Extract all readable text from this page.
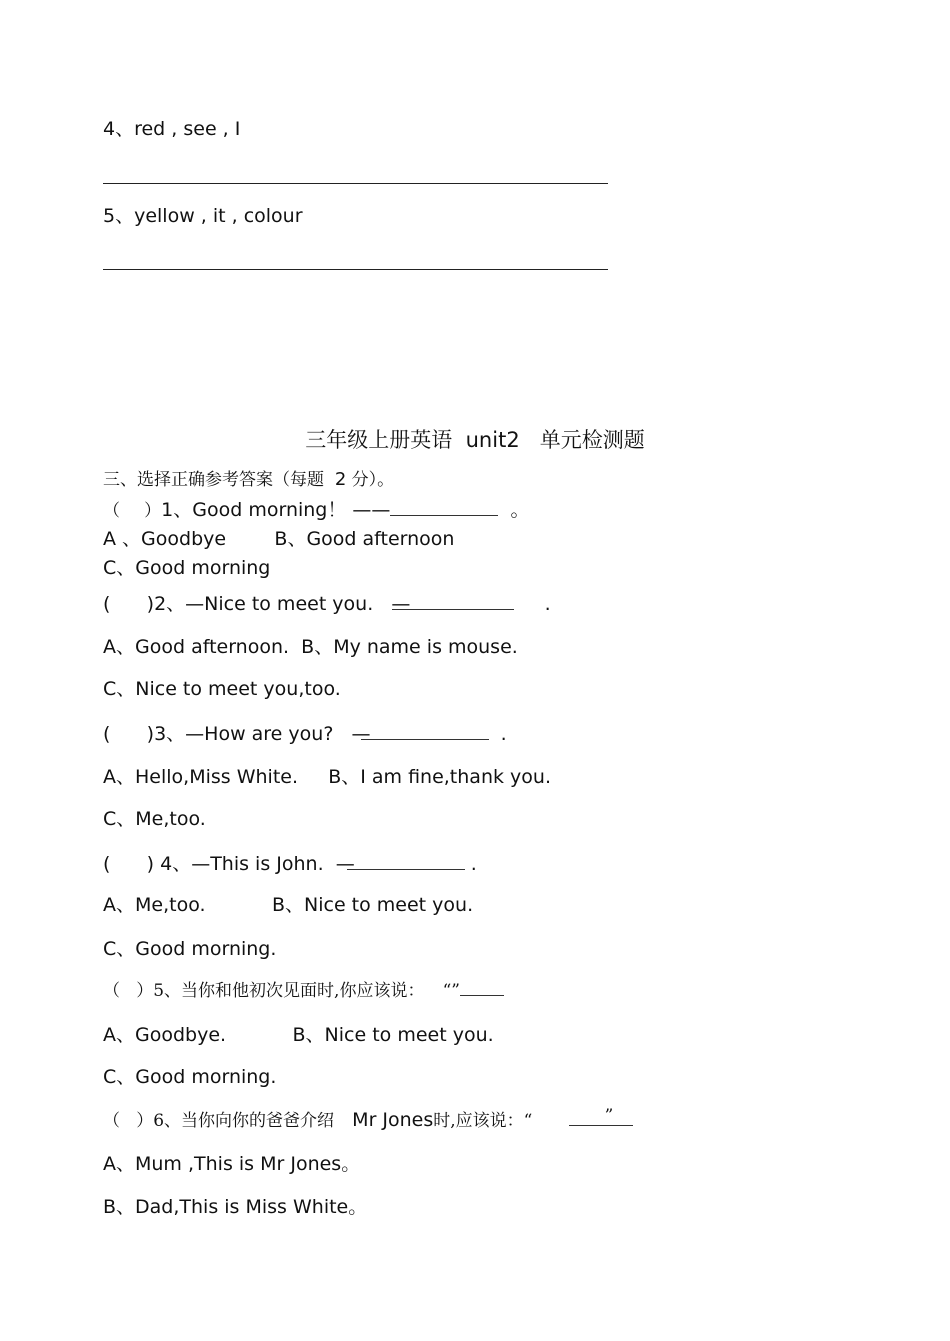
4、red , see , I
5、yellow , it , colour
三年级上册英语 unit2 单元检测题
三、选择正确参考答案（每题 2 分）。
（ ）1、Good morning！ ——	。
A 、Goodbye	B、Good afternoon
C、Good morning
(      )2、—Nice to meet you. —	.
A、Good afternoon. B、My name is mouse.
C、Nice to meet you,too.
(      )3、—How are you? —	.
A、Hello,Miss White. B、I am fine,thank you.
C、Me,too.
(      ) 4、—This is John. —	.
A、Me,too.	B、Nice to meet you.
C、Good morning.
（   ）5、当你和他初次见面时,你应该说： “”
A、Goodbye.	B、Nice to meet you.
C、Good morning.
（   ）6、当你向你的爸爸介绍 Mr Jones时,应该说：“	”
A、Mum ,This is Mr Jones。
B、Dad,This is Miss White。
